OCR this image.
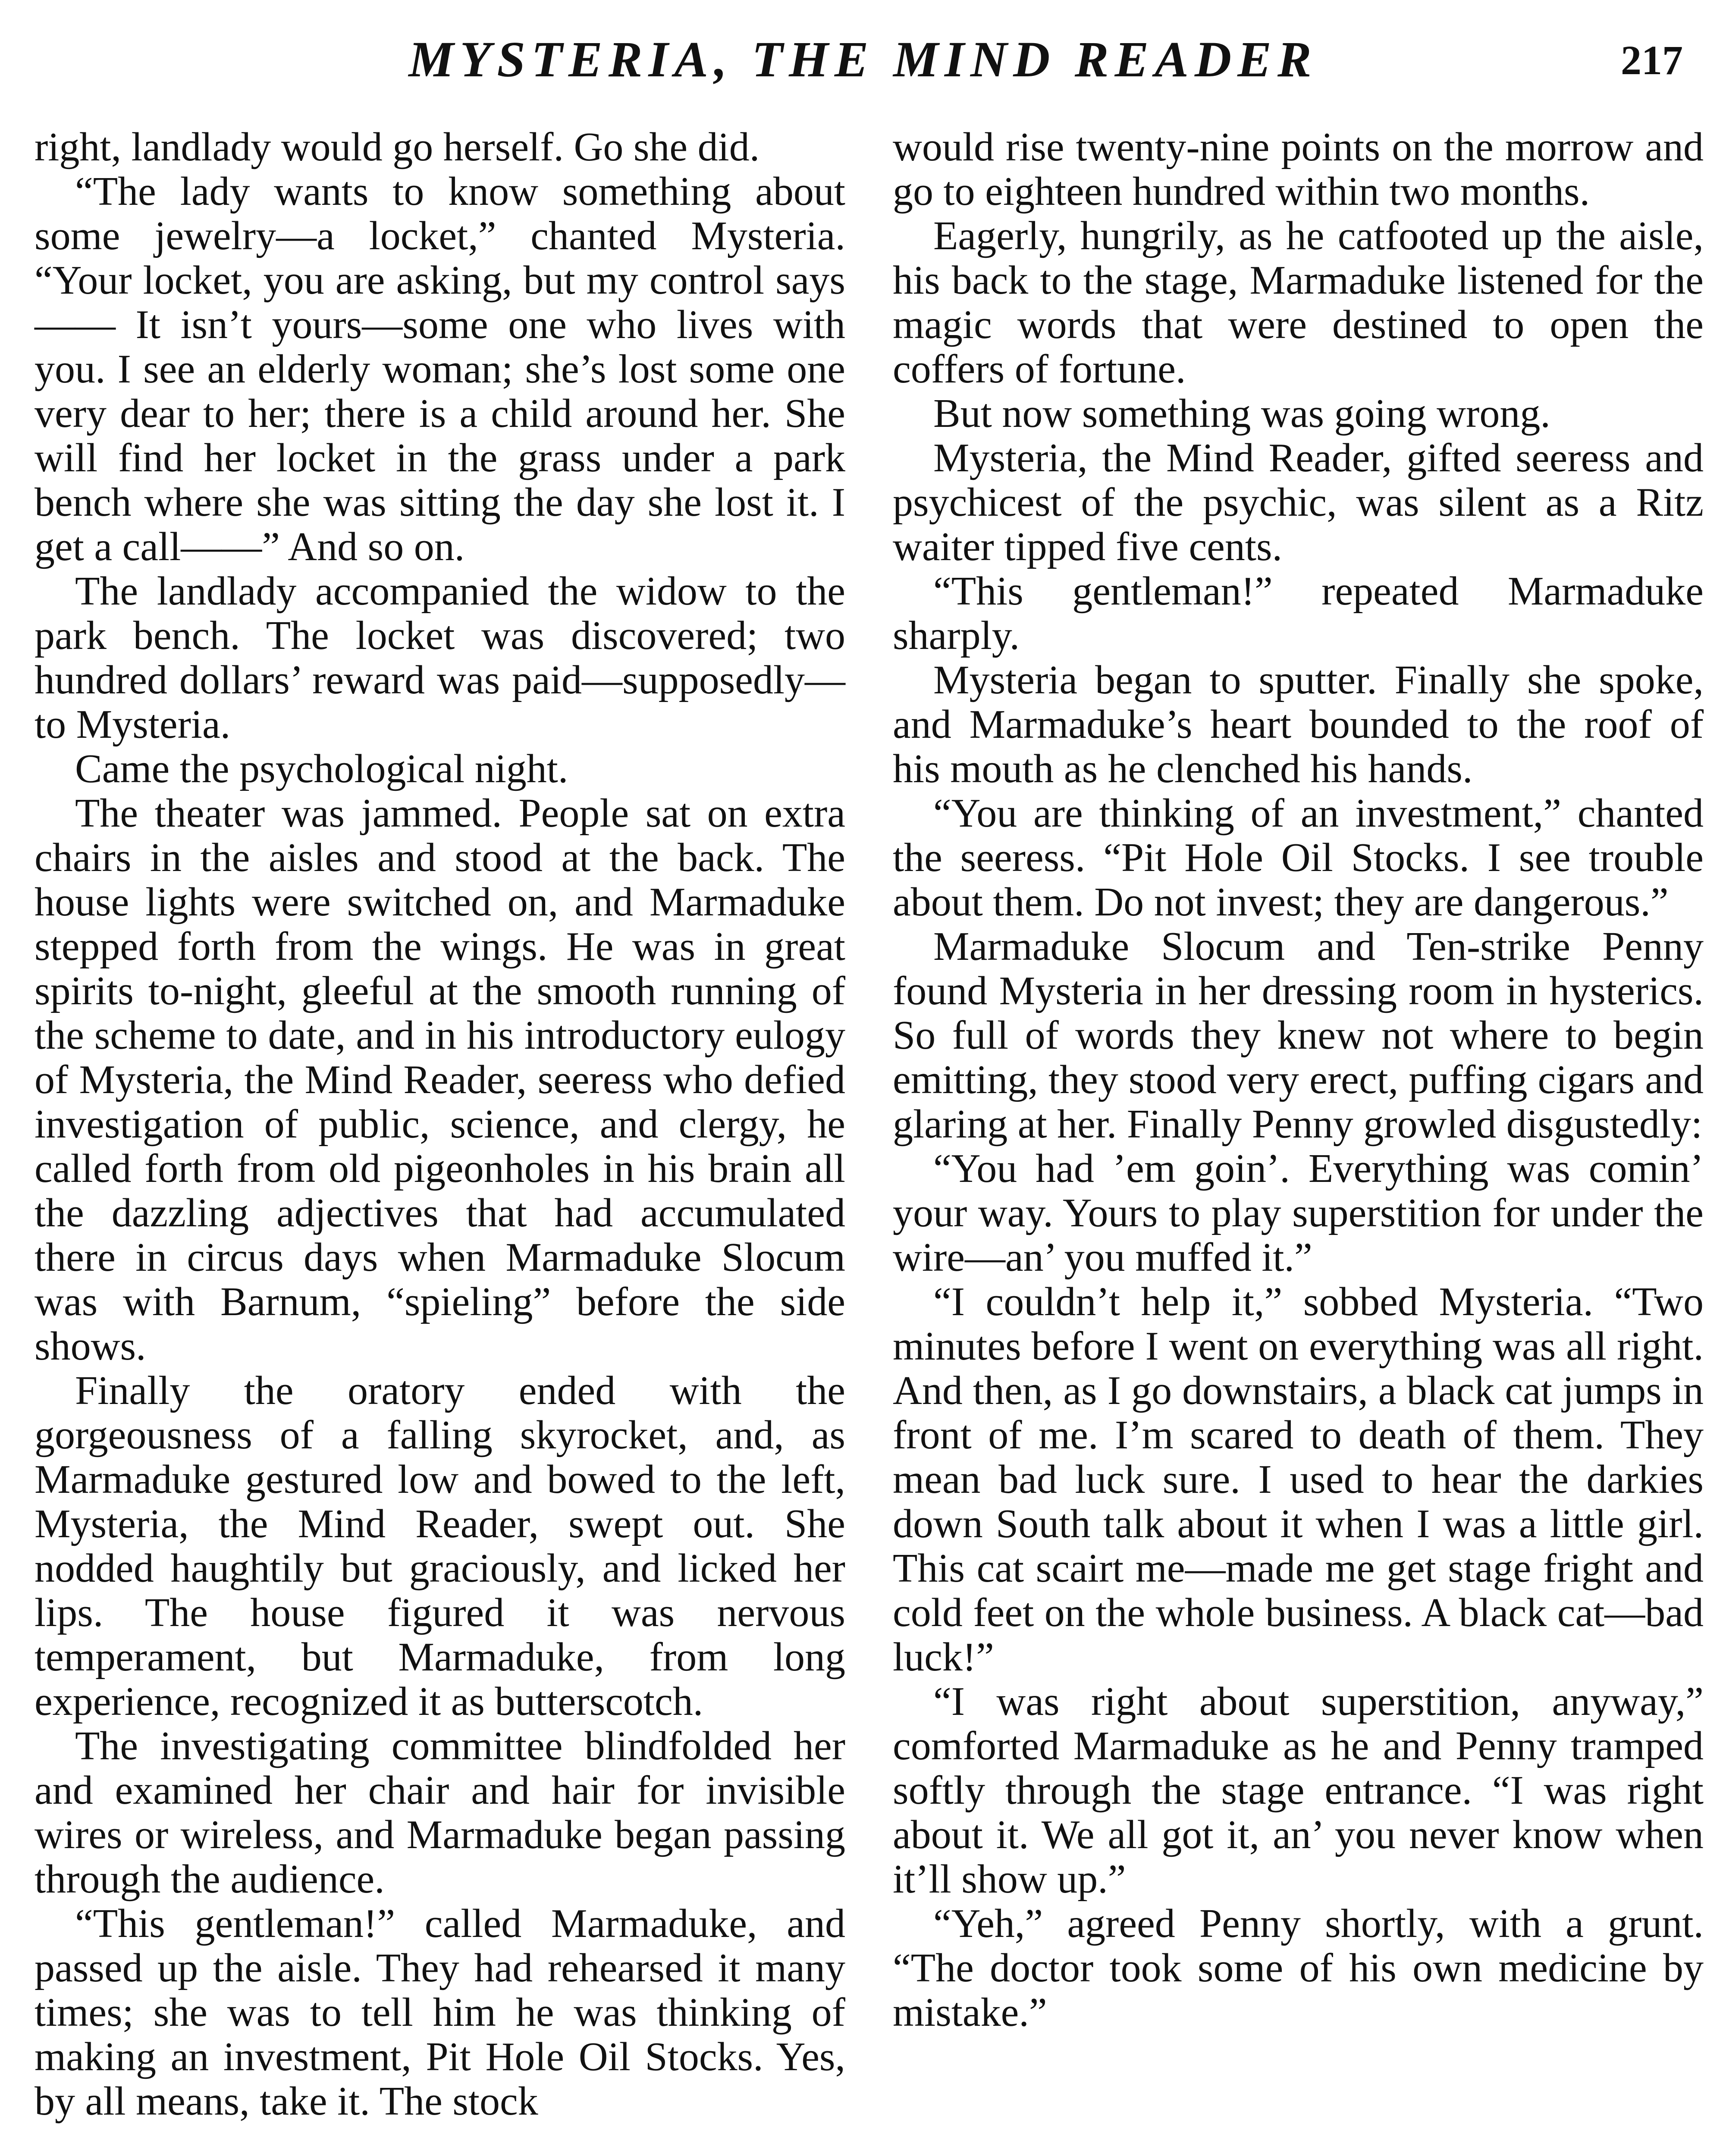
MYSTERIA, THE MIND READER	217

right, landlady would go herself. Go she did.

“The lady wants to know something about some jewelry—a locket,” chanted Mysteria. “Your locket, you are asking, but my control says—— It isn’t yours—some one who lives with you. I see an elderly woman; she’s lost some one very dear to her; there is a child around her. She will find her locket in the grass under a park bench where she was sitting the day she lost it. I get a call——” And so on.

The landlady accompanied the widow to the park bench. The locket was discovered; two hundred dollars’ reward was paid—supposedly—to Mysteria.

Came the psychological night.

The theater was jammed. People sat on extra chairs in the aisles and stood at the back. The house lights were switched on, and Marmaduke stepped forth from the wings. He was in great spirits to-night, gleeful at the smooth running of the scheme to date, and in his introductory eulogy of Mysteria, the Mind Reader, seeress who defied investigation of public, science, and clergy, he called forth from old pigeonholes in his brain all the dazzling adjectives that had accumulated there in circus days when Marmaduke Slocum was with Barnum, “spieling” before the side shows.

Finally the oratory ended with the gorgeousness of a falling skyrocket, and, as Marmaduke gestured low and bowed to the left, Mysteria, the Mind Reader, swept out. She nodded haughtily but graciously, and licked her lips. The house figured it was nervous temperament, but Marmaduke, from long experience, recognized it as butterscotch.

The investigating committee blindfolded her and examined her chair and hair for invisible wires or wireless, and Marmaduke began passing through the audience.

“This gentleman!” called Marmaduke, and passed up the aisle. They had rehearsed it many times; she was to tell him he was thinking of making an investment, Pit Hole Oil Stocks. Yes, by all means, take it. The stock

would rise twenty-nine points on the morrow and go to eighteen hundred within two months.

Eagerly, hungrily, as he catfooted up the aisle, his back to the stage, Marmaduke listened for the magic words that were destined to open the coffers of fortune.

But now something was going wrong.

Mysteria, the Mind Reader, gifted seeress and psychicest of the psychic, was silent as a Ritz waiter tipped five cents.

“This gentleman!” repeated Marmaduke sharply.

Mysteria began to sputter. Finally she spoke, and Marmaduke’s heart bounded to the roof of his mouth as he clenched his hands.

“You are thinking of an investment,” chanted the seeress. “Pit Hole Oil Stocks. I see trouble about them. Do not invest; they are dangerous.”

Marmaduke Slocum and Ten-strike Penny found Mysteria in her dressing room in hysterics. So full of words they knew not where to begin emitting, they stood very erect, puffing cigars and glaring at her. Finally Penny growled disgustedly:

“You had ’em goin’. Everything was comin’ your way. Yours to play superstition for under the wire—an’ you muffed it.”

“I couldn’t help it,” sobbed Mysteria. “Two minutes before I went on everything was all right. And then, as I go downstairs, a black cat jumps in front of me. I’m scared to death of them. They mean bad luck sure. I used to hear the darkies down South talk about it when I was a little girl. This cat scairt me—made me get stage fright and cold feet on the whole business. A black cat—bad luck!”

“I was right about superstition, anyway,” comforted Marmaduke as he and Penny tramped softly through the stage entrance. “I was right about it. We all got it, an’ you never know when it’ll show up.”

“Yeh,” agreed Penny shortly, with a grunt. “The doctor took some of his own medicine by mistake.”
